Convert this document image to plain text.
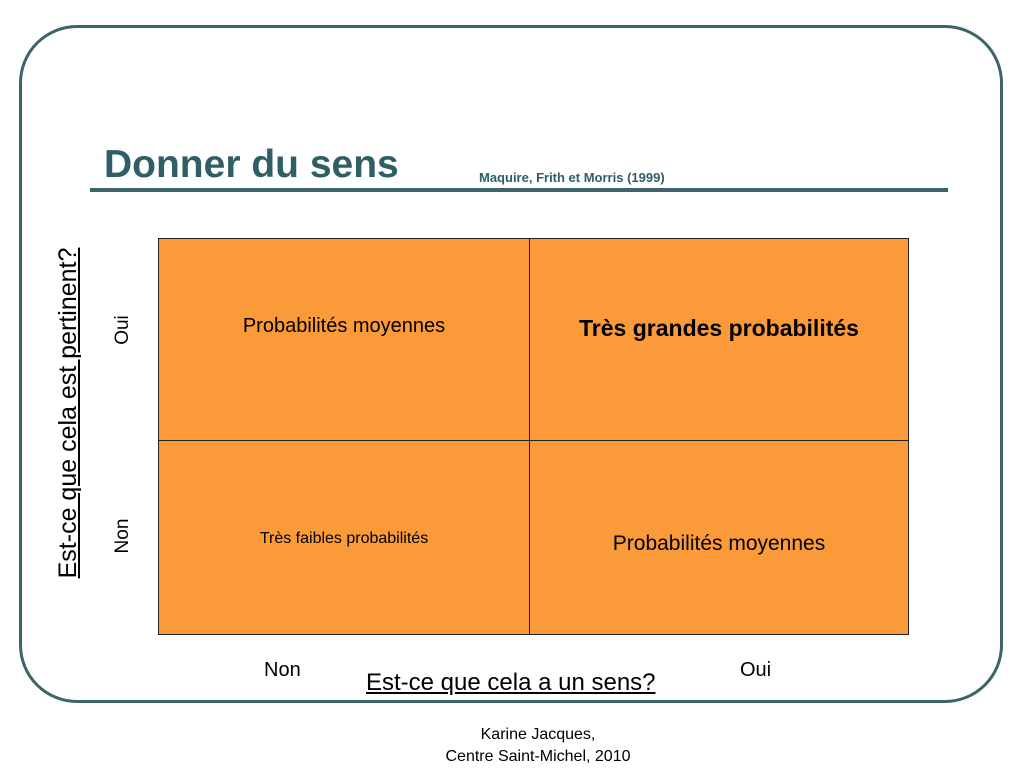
Donner du sens	Maquire, Frith et Morris (1999)
Est-ce que cela est pertinent? Oui
Non
Probabilités moyennes	Très grandes probabilités
Très faibles probabilités	Probabilités moyennes
Non	Est-ce que cela a un sens?	Oui
Karine Jacques,
Centre Saint-Michel, 2010
